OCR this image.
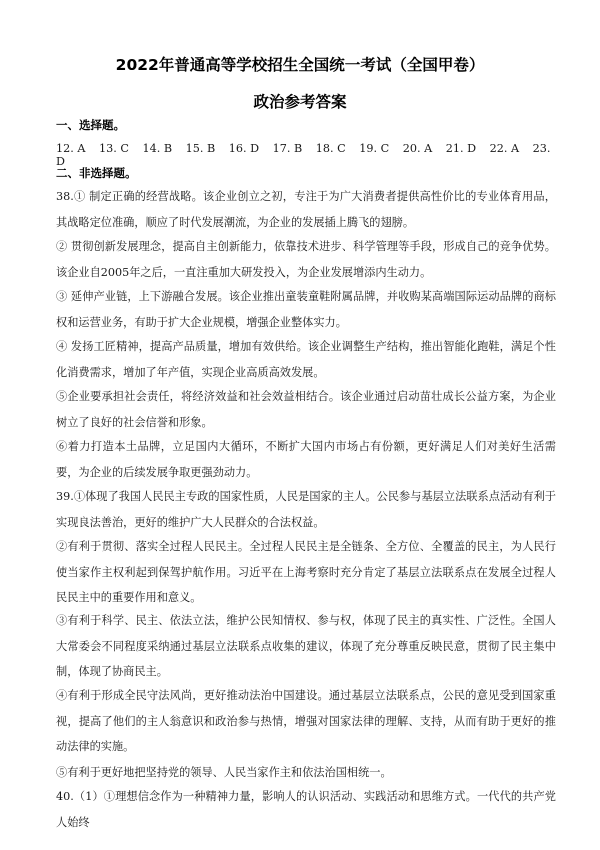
2022年普通高等学校招生全国统一考试（全国甲卷）
政治参考答案
一、选择题。
12. A 13. C 14. B 15. B 16. D 17. B 18. C 19. C 20. A 21. D 22. A 23. D
二、非选择题。
38.① 制定正确的经营战略。该企业创立之初，专注于为广大消费者提供高性价比的专业体育用品，其战略定位准确，顺应了时代发展潮流，为企业的发展插上腾飞的翅膀。
② 贯彻创新发展理念，提高自主创新能力，依靠技术进步、科学管理等手段，形成自己的竞争优势。该企业自2005年之后，一直注重加大研发投入，为企业发展增添内生动力。
③ 延伸产业链，上下游融合发展。该企业推出童装童鞋附属品牌，并收购某高端国际运动品牌的商标权和运营业务，有助于扩大企业规模，增强企业整体实力。
④ 发扬工匠精神，提高产品质量，增加有效供给。该企业调整生产结构，推出智能化跑鞋，满足个性化消费需求，增加了年产值，实现企业高质高效发展。
⑤企业要承担社会责任，将经济效益和社会效益相结合。该企业通过启动苗壮成长公益方案，为企业树立了良好的社会信誉和形象。
⑥着力打造本土品牌，立足国内大循环，不断扩大国内市场占有份额，更好满足人们对美好生活需要，为企业的后续发展争取更强劲动力。
39.①体现了我国人民民主专政的国家性质，人民是国家的主人。公民参与基层立法联系点活动有利于实现良法善治，更好的维护广大人民群众的合法权益。
②有利于贯彻、落实全过程人民民主。全过程人民民主是全链条、全方位、全覆盖的民主，为人民行使当家作主权利起到保驾护航作用。习近平在上海考察时充分肯定了基层立法联系点在发展全过程人民民主中的重要作用和意义。
③有利于科学、民主、依法立法，维护公民知情权、参与权，体现了民主的真实性、广泛性。全国人大常委会不同程度采纳通过基层立法联系点收集的建议，体现了充分尊重反映民意，贯彻了民主集中制，体现了协商民主。
④有利于形成全民守法风尚，更好推动法治中国建设。通过基层立法联系点，公民的意见受到国家重视，提高了他们的主人翁意识和政治参与热情，增强对国家法律的理解、支持，从而有助于更好的推动法律的实施。
⑤有利于更好地把坚持党的领导、人民当家作主和依法治国相统一。
40.（1）①理想信念作为一种精神力量，影响人的认识活动、实践活动和思维方式。一代代的共产党人始终
